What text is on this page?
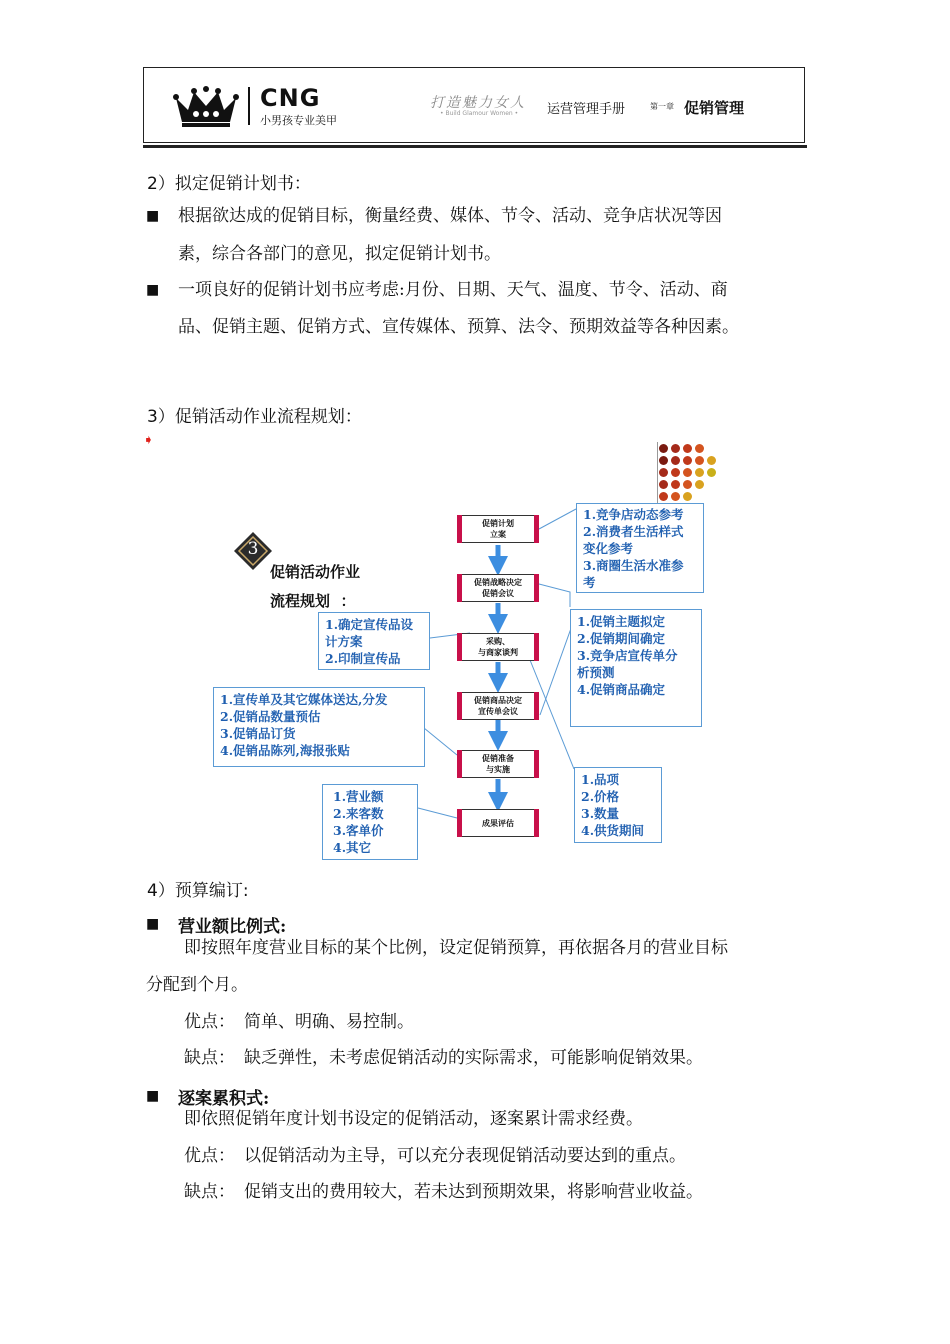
CNG
小男孩专业美甲
打造魅力女人
• Build Glamour Women • 运营管理手册	第一章 促销管理
2）拟定促销计划书：
■ 根据欲达成的促销目标，衡量经费、媒体、节令、活动、竞争店状况等因
素，综合各部门的意见，拟定促销计划书。
■ 一项良好的促销计划书应考虑:月份、日期、天气、温度、节令、活动、商
品、促销主题、促销方式、宣传媒体、预算、法令、预期效益等各种因素。
3）促销活动作业流程规划：
➧
促销计划
立案
促销战略决定
促销会议
采购、
与商家谈判
促销商品决定
宣传单会议
促销准备
与实施
成果评估
3
促销活动作业
流程规划  ：
1.竞争店动态参考
2.消费者生活样式
变化参考
3.商圈生活水准参
考
1.促销主题拟定
2.促销期间确定
3.竞争店宣传单分
析预测
4.促销商品确定
1.品项
2.价格
3.数量
4.供货期间
1.确定宣传品设
计方案
2.印制宣传品
1.宣传单及其它媒体送达,分发
2.促销品数量预估
3.促销品订货
4.促销品陈列,海报张贴
1.营业额
2.来客数
3.客单价
4.其它
4）预算编订:
■ 营业额比例式:
即按照年度营业目标的某个比例，设定促销预算，再依据各月的营业目标
分配到个月。
优点： 简单、明确、易控制。
缺点： 缺乏弹性，未考虑促销活动的实际需求，可能影响促销效果。
■ 逐案累积式:
即依照促销年度计划书设定的促销活动，逐案累计需求经费。
优点： 以促销活动为主导，可以充分表现促销活动要达到的重点。
缺点： 促销支出的费用较大，若未达到预期效果，将影响营业收益。
